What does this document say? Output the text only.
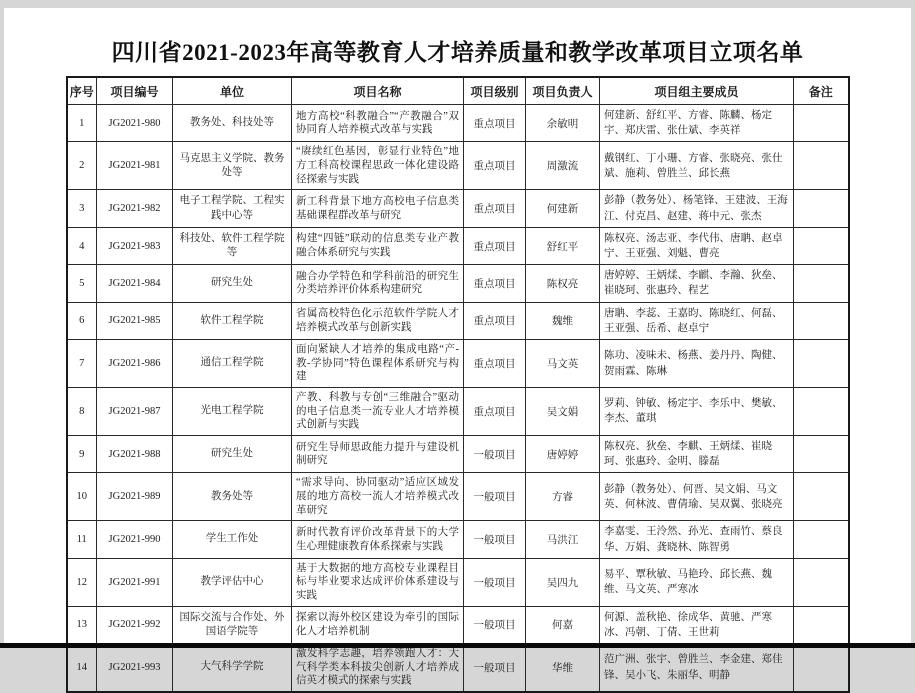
四川省2021-2023年高等教育人才培养质量和教学改革项目立项名单
序号	项目编号	单位	项目名称	项目级别	项目负责人	项目组主要成员	备注
1	JG2021-980	教务处、科技处等	地方高校“科教融合”“产教融合”双协同育人培养模式改革与实践	重点项目	余敏明	何建新、舒红平、方睿、陈麟、杨定宇、郑庆雷、张仕斌、李英祥	
2	JG2021-981	马克思主义学院、教务处等	“赓续红色基因，彰显行业特色”地方工科高校课程思政一体化建设路径探索与实践	重点项目	周激流	戴钢红、丁小珊、方睿、张晓亮、张仕斌、施莉、曾胜兰、邱长燕	
3	JG2021-982	电子工程学院、工程实践中心等	新工科背景下地方高校电子信息类基础课程群改革与研究	重点项目	何建新	彭静（教务处）、杨笔锋、王建波、王海江、付克昌、赵建、蒋中元、张杰	
4	JG2021-983	科技处、软件工程学院等	构建“四链”联动的信息类专业产教融合体系研究与实践	重点项目	舒红平	陈权亮、汤志亚、李代伟、唐聃、赵卓宁、王亚强、刘魁、曹亮	
5	JG2021-984	研究生处	融合办学特色和学科前沿的研究生分类培养评价体系构建研究	重点项目	陈权亮	唐婷婷、王炳煣、李麒、李瀚、狄垒、崔晓珂、张惠玲、程艺	
6	JG2021-985	软件工程学院	省属高校特色化示范软件学院人才培养模式改革与创新实践	重点项目	魏维	唐聃、李蕊、王嘉昀、陈晓红、何磊、王亚强、岳希、赵卓宁	
7	JG2021-986	通信工程学院	面向紧缺人才培养的集成电路“产-教-学协同”特色课程体系研究与构建	重点项目	马文英	陈功、凌味未、杨燕、姜丹丹、陶健、贺雨霖、陈琳	
8	JG2021-987	光电工程学院	产教、科教与专创“三维融合”驱动的电子信息类一流专业人才培养模式创新与实践	重点项目	吴文娟	罗莉、钟敏、杨定宇、李乐中、樊敏、李杰、董琪	
9	JG2021-988	研究生处	研究生导师思政能力提升与建设机制研究	一般项目	唐婷婷	陈权亮、狄垒、李麒、王炳煣、崔晓珂、张惠玲、金明、滕磊	
10	JG2021-989	教务处等	“需求导向、协同驱动”适应区域发展的地方高校一流人才培养模式改革研究	一般项目	方睿	彭静（教务处）、何晋、吴文娟、马文英、何林波、曹倩瑜、吴双翼、张晓亮	
11	JG2021-990	学生工作处	新时代教育评价改革背景下的大学生心理健康教育体系探索与实践	一般项目	马洪江	李嘉雯、王泠然、孙光、查雨竹、蔡良华、万娟、龚晓林、陈智勇	
12	JG2021-991	教学评估中心	基于大数据的地方高校专业课程目标与毕业要求达成评价体系建设与实践	一般项目	吴四九	易平、覃秋敏、马艳玲、邱长燕、魏维、马文英、严寒冰	
13	JG2021-992	国际交流与合作处、外国语学院等	探索以海外校区建设为牵引的国际化人才培养机制	一般项目	何嘉	何源、盖秋艳、徐成华、黄驰、严寒冰、冯朝、丁倩、王世莉	
14	JG2021-993	大气科学学院	激发科学志趣，培养领跑人才：大气科学类本科拔尖创新人才培养成信英才模式的探索与实践	一般项目	华维	范广洲、张宇、曾胜兰、李金建、郑佳锋、吴小飞、朱丽华、明静	
